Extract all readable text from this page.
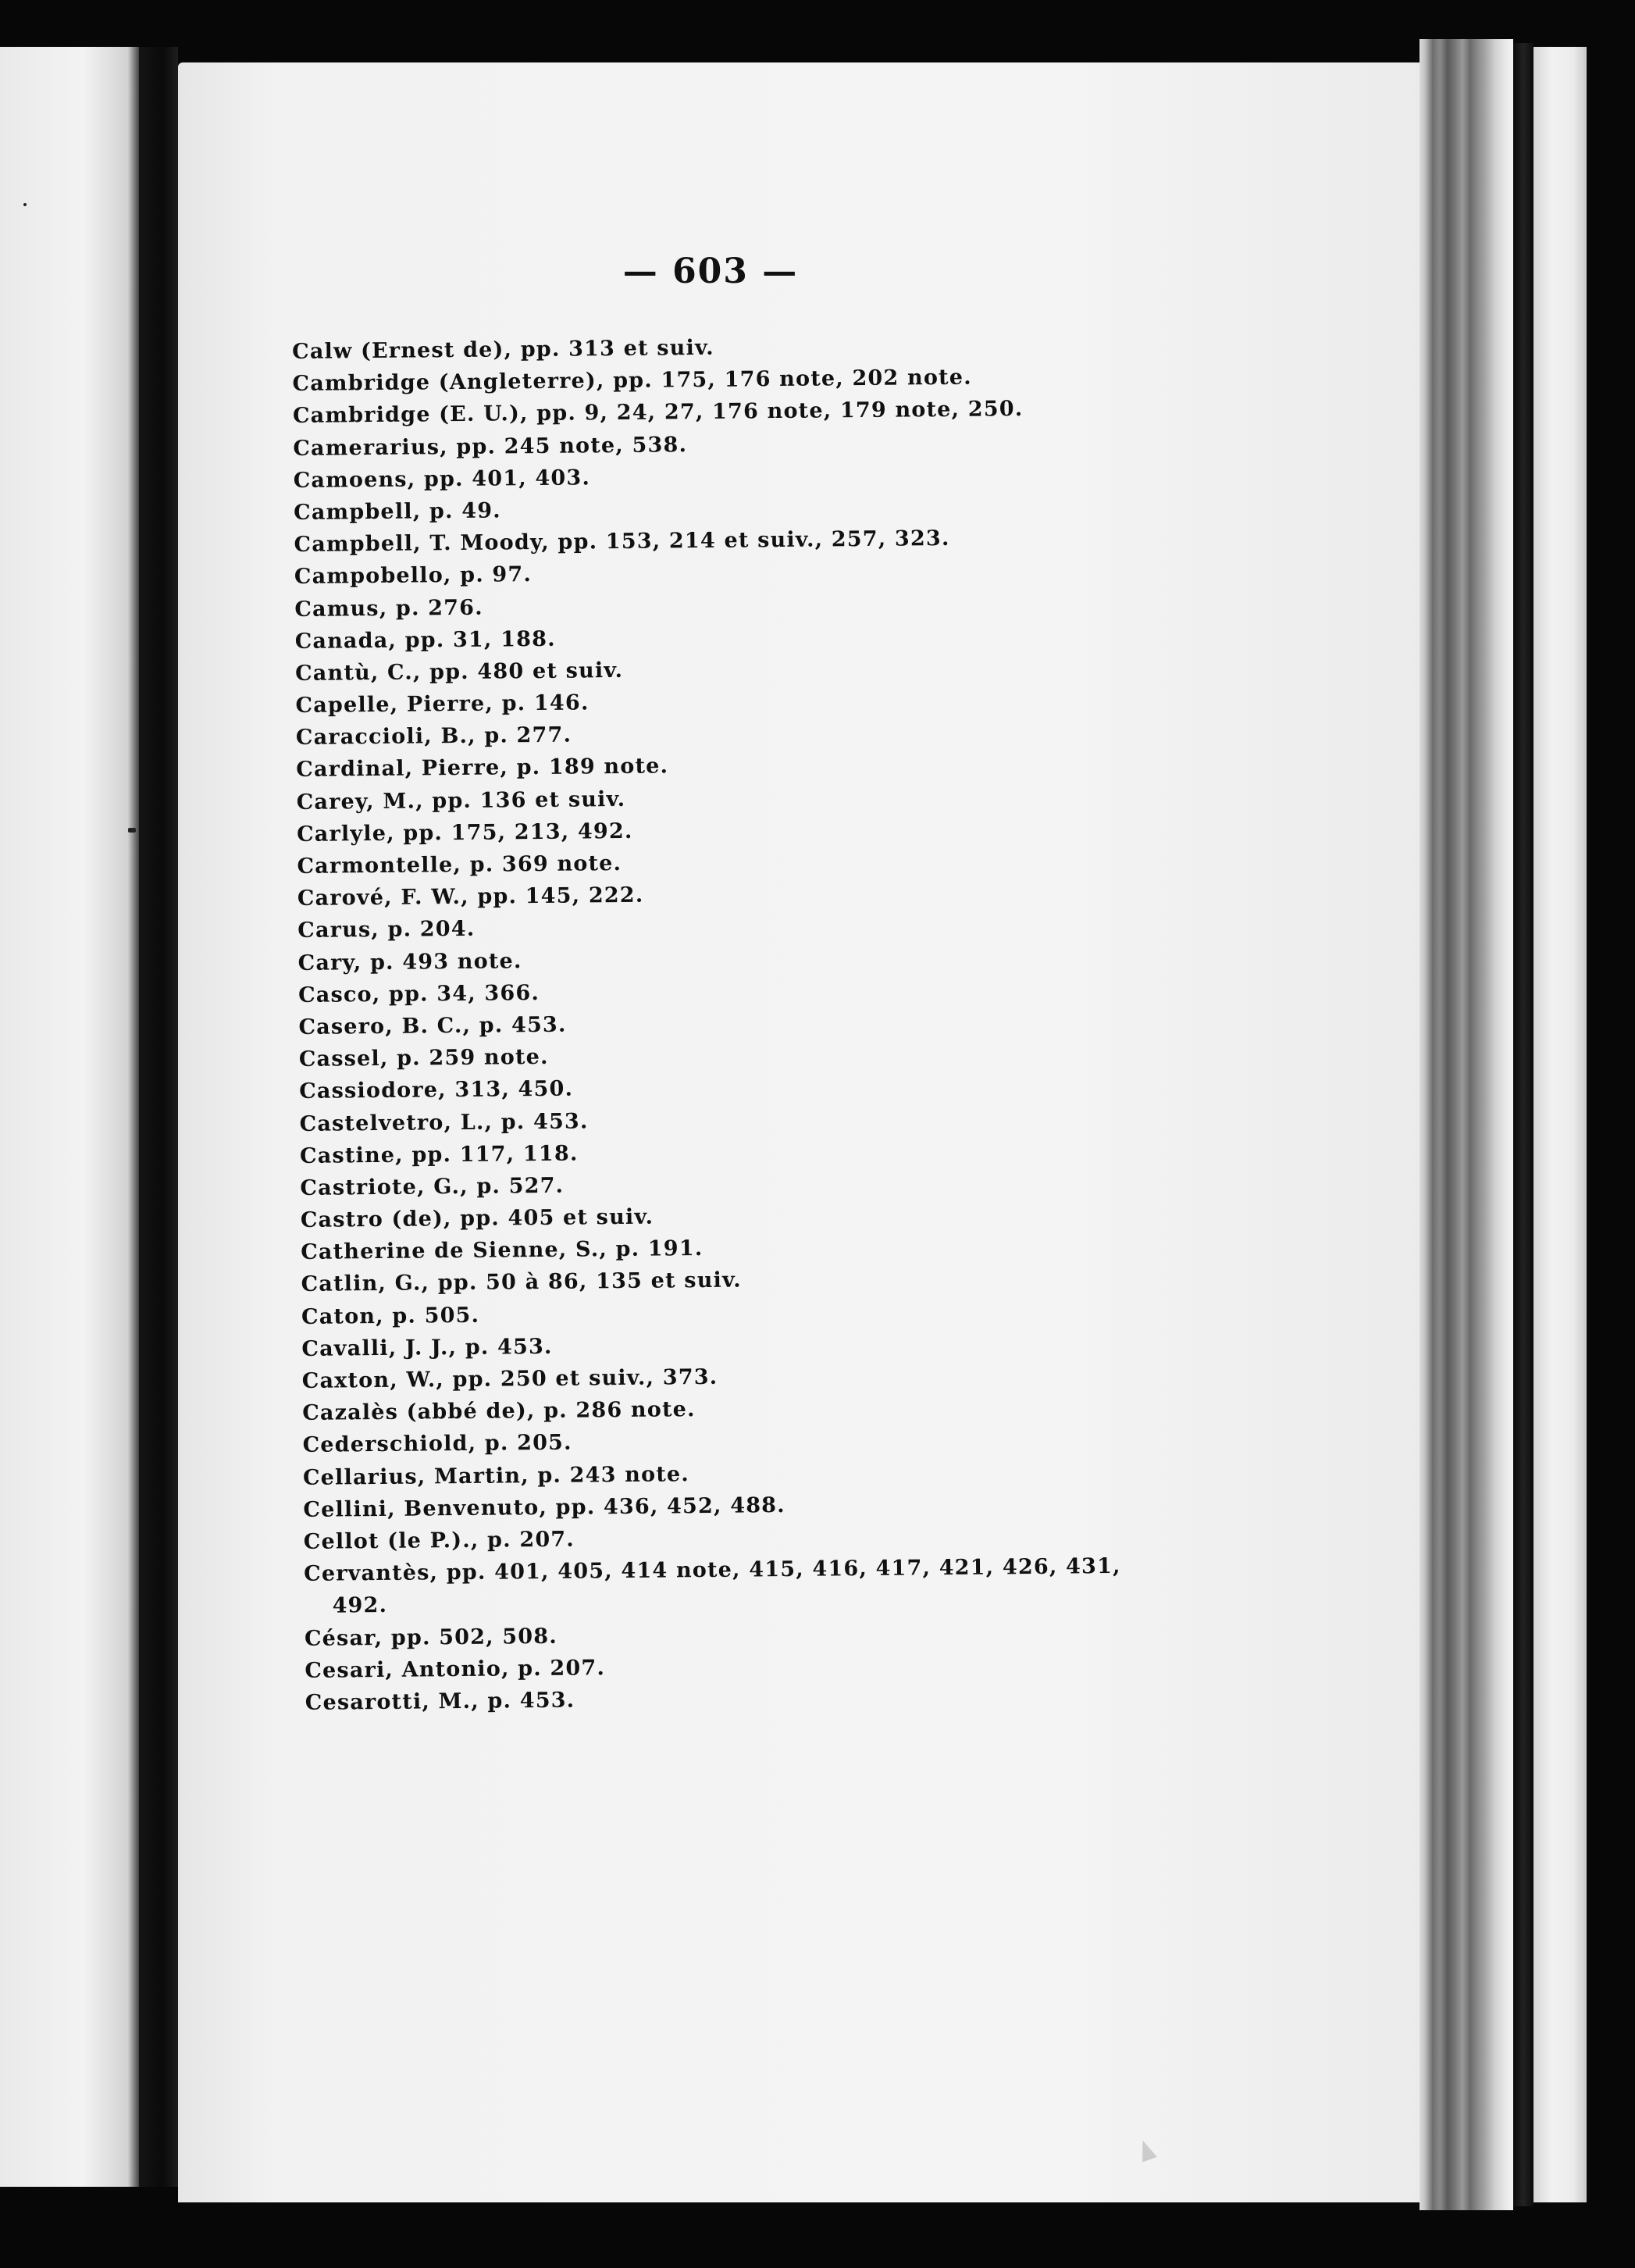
— 603 —
Calw (Ernest de), pp. 313 et suiv.
Cambridge (Angleterre), pp. 175, 176 note, 202 note.
Cambridge (E. U.), pp. 9, 24, 27, 176 note, 179 note, 250.
Camerarius, pp. 245 note, 538.
Camoens, pp. 401, 403.
Campbell, p. 49.
Campbell, T. Moody, pp. 153, 214 et suiv., 257, 323.
Campobello, p. 97.
Camus, p. 276.
Canada, pp. 31, 188.
Cantù, C., pp. 480 et suiv.
Capelle, Pierre, p. 146.
Caraccioli, B., p. 277.
Cardinal, Pierre, p. 189 note.
Carey, M., pp. 136 et suiv.
Carlyle, pp. 175, 213, 492.
Carmontelle, p. 369 note.
Carové, F. W., pp. 145, 222.
Carus, p. 204.
Cary, p. 493 note.
Casco, pp. 34, 366.
Casero, B. C., p. 453.
Cassel, p. 259 note.
Cassiodore, 313, 450.
Castelvetro, L., p. 453.
Castine, pp. 117, 118.
Castriote, G., p. 527.
Castro (de), pp. 405 et suiv.
Catherine de Sienne, S., p. 191.
Catlin, G., pp. 50 à 86, 135 et suiv.
Caton, p. 505.
Cavalli, J. J., p. 453.
Caxton, W., pp. 250 et suiv., 373.
Cazalès (abbé de), p. 286 note.
Cederschiold, p. 205.
Cellarius, Martin, p. 243 note.
Cellini, Benvenuto, pp. 436, 452, 488.
Cellot (le P.)., p. 207.
Cervantès, pp. 401, 405, 414 note, 415, 416, 417, 421, 426, 431,
492.
César, pp. 502, 508.
Cesari, Antonio, p. 207.
Cesarotti, M., p. 453.
